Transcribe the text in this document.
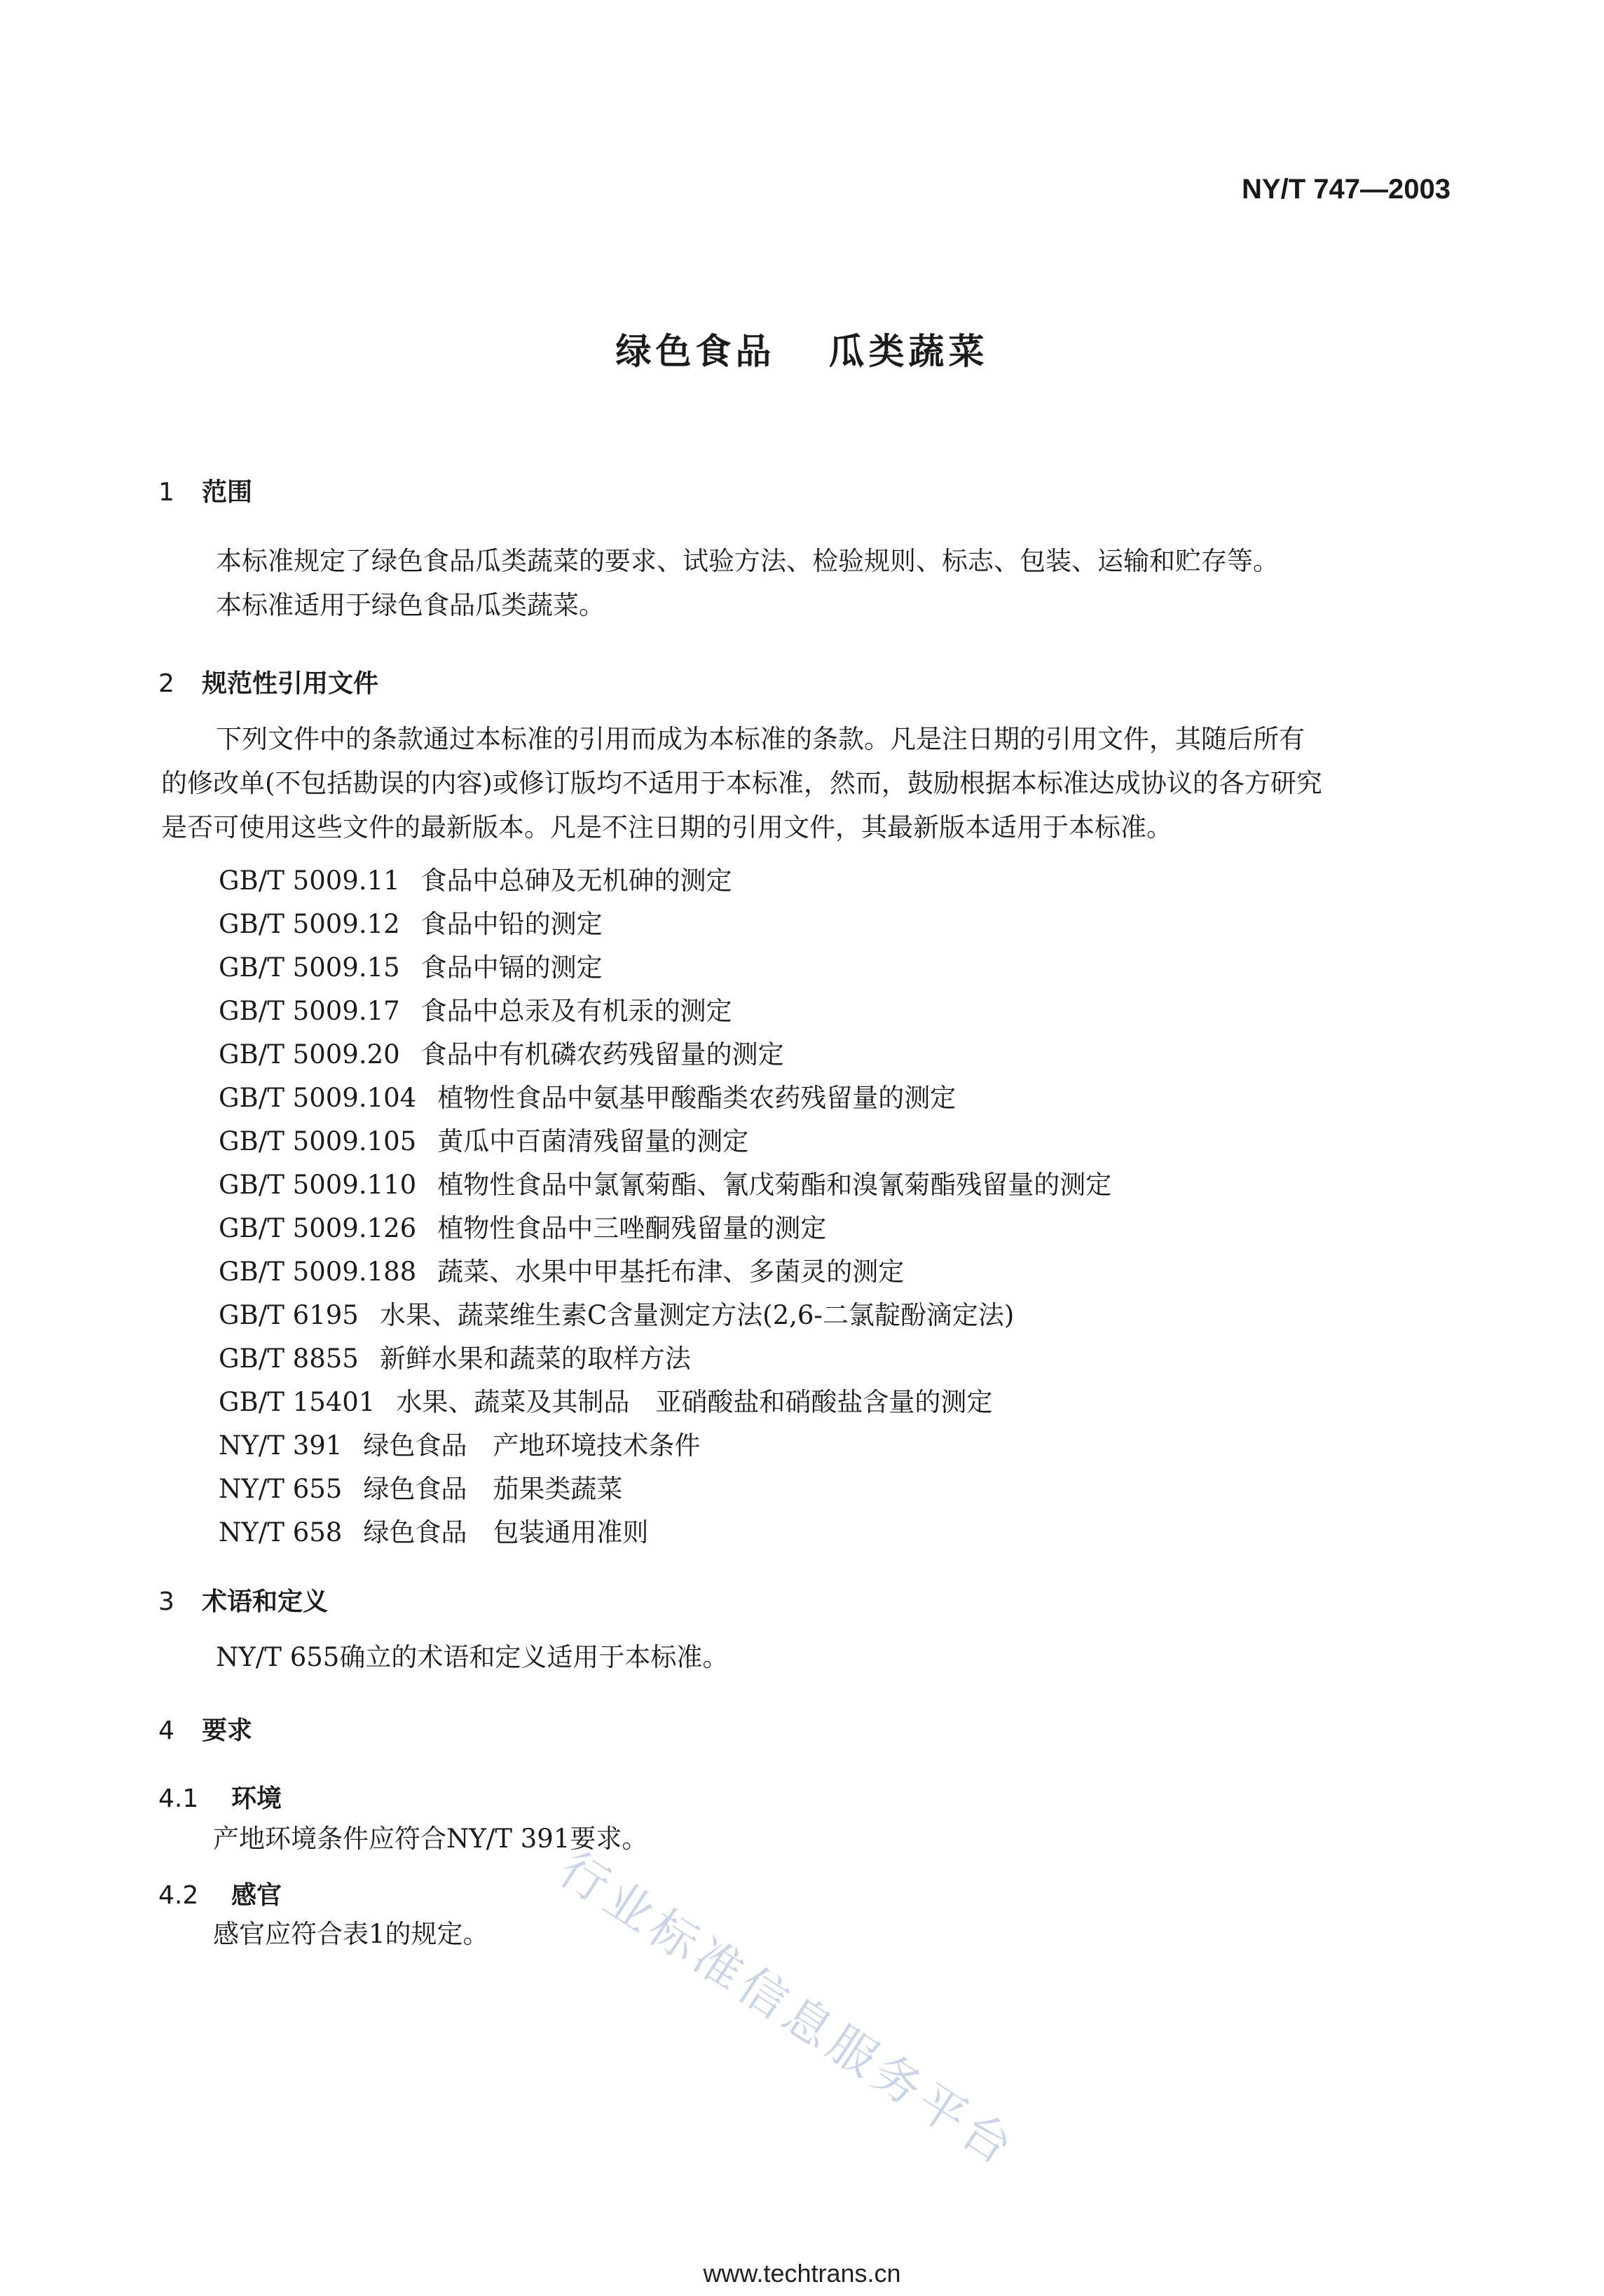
NY/T 747—2003
绿色食品 瓜类蔬菜
1 范围
本标准规定了绿色食品瓜类蔬菜的要求、试验方法、检验规则、标志、包装、运输和贮存等。
本标准适用于绿色食品瓜类蔬菜。
2 规范性引用文件
下列文件中的条款通过本标准的引用而成为本标准的条款。凡是注日期的引用文件，其随后所有
的修改单(不包括勘误的内容)或修订版均不适用于本标准，然而，鼓励根据本标准达成协议的各方研究
是否可使用这些文件的最新版本。凡是不注日期的引用文件，其最新版本适用于本标准。
GB/T 5009.11 食品中总砷及无机砷的测定
GB/T 5009.12 食品中铅的测定
GB/T 5009.15 食品中镉的测定
GB/T 5009.17 食品中总汞及有机汞的测定
GB/T 5009.20 食品中有机磷农药残留量的测定
GB/T 5009.104 植物性食品中氨基甲酸酯类农药残留量的测定
GB/T 5009.105 黄瓜中百菌清残留量的测定
GB/T 5009.110 植物性食品中氯氰菊酯、氰戊菊酯和溴氰菊酯残留量的测定
GB/T 5009.126 植物性食品中三唑酮残留量的测定
GB/T 5009.188 蔬菜、水果中甲基托布津、多菌灵的测定
GB/T 6195 水果、蔬菜维生素C含量测定方法(2,6-二氯靛酚滴定法)
GB/T 8855 新鲜水果和蔬菜的取样方法
GB/T 15401 水果、蔬菜及其制品　亚硝酸盐和硝酸盐含量的测定
NY/T 391 绿色食品　产地环境技术条件
NY/T 655 绿色食品　茄果类蔬菜
NY/T 658 绿色食品　包装通用准则
3 术语和定义
NY/T 655确立的术语和定义适用于本标准。
4 要求
4.1 环境
产地环境条件应符合NY/T 391要求。
4.2 感官
感官应符合表1的规定。 行业标准信息服务平台
www.techtrans.cn
